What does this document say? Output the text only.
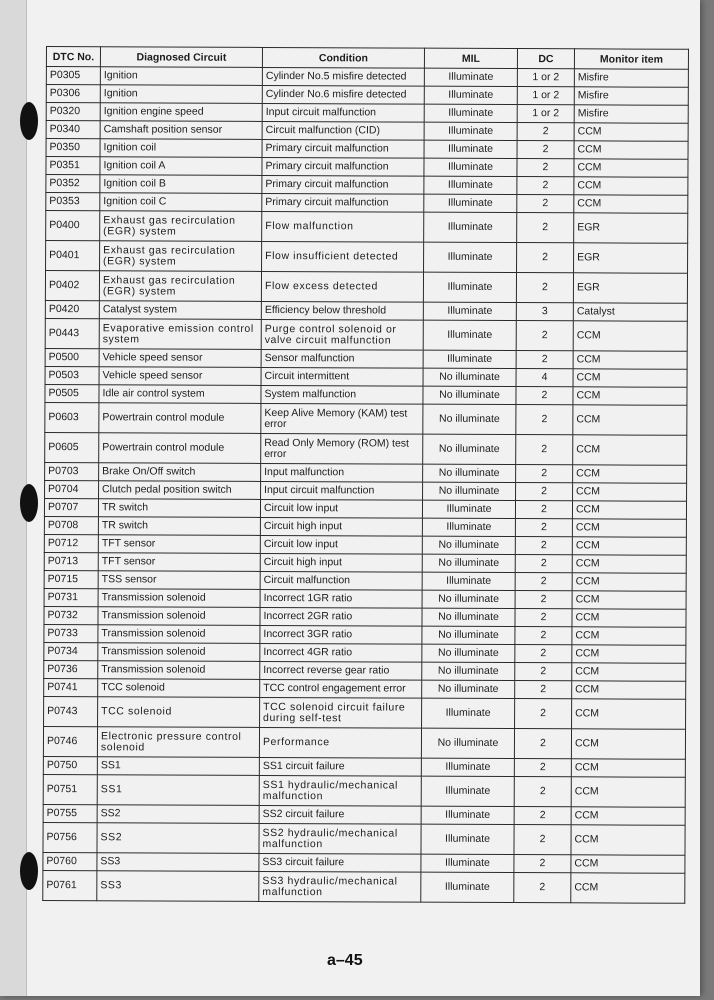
DTC No.	Diagnosed Circuit	Condition	MIL	DC	Monitor item
P0305	Ignition	Cylinder No.5 misfire detected	Illuminate	1 or 2	Misfire
P0306	Ignition	Cylinder No.6 misfire detected	Illuminate	1 or 2	Misfire
P0320	Ignition engine speed	Input circuit malfunction	Illuminate	1 or 2	Misfire
P0340	Camshaft position sensor	Circuit malfunction (CID)	Illuminate	2	CCM
P0350	Ignition coil	Primary circuit malfunction	Illuminate	2	CCM
P0351	Ignition coil A	Primary circuit malfunction	Illuminate	2	CCM
P0352	Ignition coil B	Primary circuit malfunction	Illuminate	2	CCM
P0353	Ignition coil C	Primary circuit malfunction	Illuminate	2	CCM
P0400	Exhaust gas recirculation (EGR) system	Flow malfunction	Illuminate	2	EGR
P0401	Exhaust gas recirculation (EGR) system	Flow insufficient detected	Illuminate	2	EGR
P0402	Exhaust gas recirculation (EGR) system	Flow excess detected	Illuminate	2	EGR
P0420	Catalyst system	Efficiency below threshold	Illuminate	3	Catalyst
P0443	Evaporative emission control system	Purge control solenoid or valve circuit malfunction	Illuminate	2	CCM
P0500	Vehicle speed sensor	Sensor malfunction	Illuminate	2	CCM
P0503	Vehicle speed sensor	Circuit intermittent	No illuminate	4	CCM
P0505	Idle air control system	System malfunction	No illuminate	2	CCM
P0603	Powertrain control module	Keep Alive Memory (KAM) test error	No illuminate	2	CCM
P0605	Powertrain control module	Read Only Memory (ROM) test error	No illuminate	2	CCM
P0703	Brake On/Off switch	Input malfunction	No illuminate	2	CCM
P0704	Clutch pedal position switch	Input circuit malfunction	No illuminate	2	CCM
P0707	TR switch	Circuit low input	Illuminate	2	CCM
P0708	TR switch	Circuit high input	Illuminate	2	CCM
P0712	TFT sensor	Circuit low input	No illuminate	2	CCM
P0713	TFT sensor	Circuit high input	No illuminate	2	CCM
P0715	TSS sensor	Circuit malfunction	Illuminate	2	CCM
P0731	Transmission solenoid	Incorrect 1GR ratio	No illuminate	2	CCM
P0732	Transmission solenoid	Incorrect 2GR ratio	No illuminate	2	CCM
P0733	Transmission solenoid	Incorrect 3GR ratio	No illuminate	2	CCM
P0734	Transmission solenoid	Incorrect 4GR ratio	No illuminate	2	CCM
P0736	Transmission solenoid	Incorrect reverse gear ratio	No illuminate	2	CCM
P0741	TCC solenoid	TCC control engagement error	No illuminate	2	CCM
P0743	TCC solenoid	TCC solenoid circuit failure during self-test	Illuminate	2	CCM
P0746	Electronic pressure control solenoid	Performance	No illuminate	2	CCM
P0750	SS1	SS1 circuit failure	Illuminate	2	CCM
P0751	SS1	SS1 hydraulic/mechanical malfunction	Illuminate	2	CCM
P0755	SS2	SS2 circuit failure	Illuminate	2	CCM
P0756	SS2	SS2 hydraulic/mechanical malfunction	Illuminate	2	CCM
P0760	SS3	SS3 circuit failure	Illuminate	2	CCM
P0761	SS3	SS3 hydraulic/mechanical malfunction	Illuminate	2	CCM
a–45
